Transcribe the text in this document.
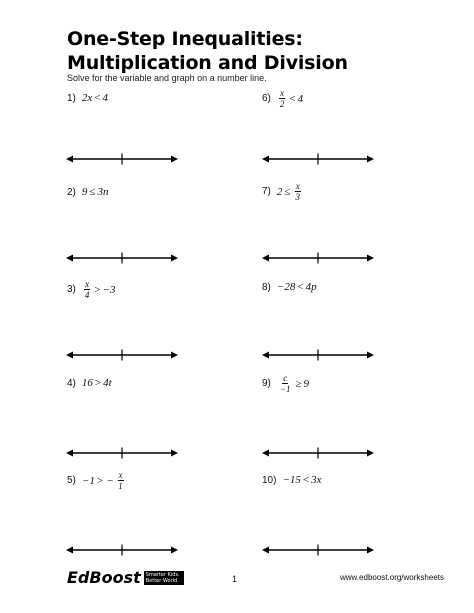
One-Step Inequalities: Multiplication and Division
Solve for the variable and graph on a number line.
1) 2x < 4
2) 9 ≤ 3n
$3) \frac{x}{4} > -3$
4) 16 > 4t
5) −1 > − $\frac{x}{1}$
$6) \frac{x}{2} < 4$
7) $2 \le \frac{x}{3}$
8) −28 < 4p
$9) \frac{c}{-1} \ge 9$
10) −15 < 3x
Ed Boost	Smarter Kids. Better World.	1	www.edboost.org/worksheets
